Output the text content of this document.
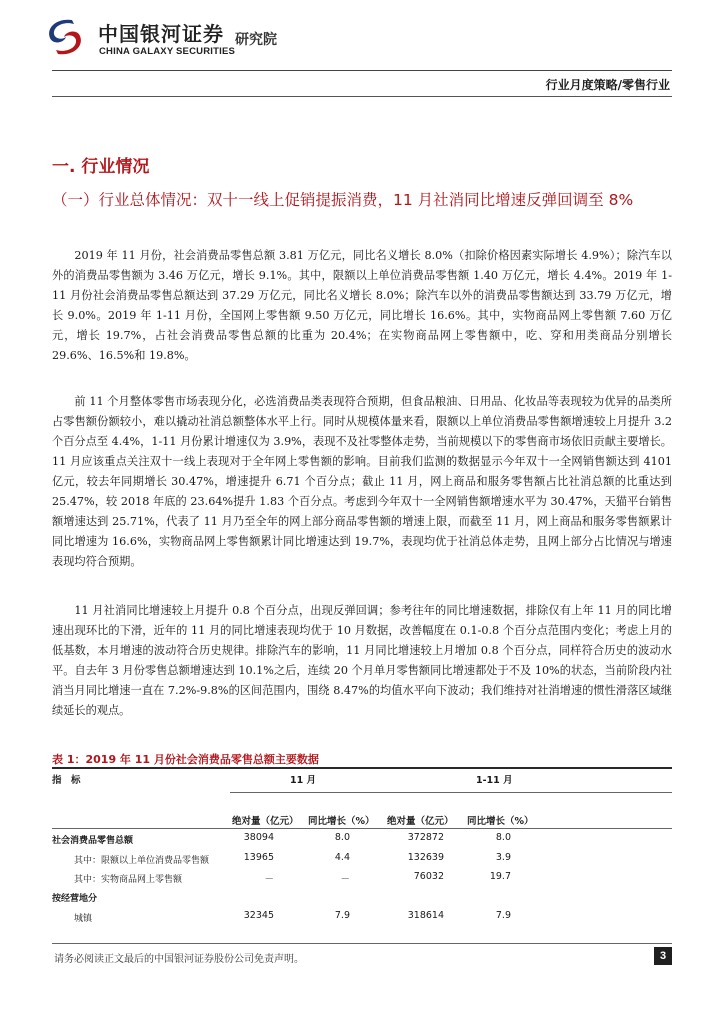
中国银河证券
CHINA GALAXY SECURITIES
研究院
行业月度策略/零售行业
一. 行业情况
（一）行业总体情况：双十一线上促销提振消费，11 月社消同比增速反弹回调至 8%
2019 年 11 月份，社会消费品零售总额 3.81 万亿元，同比名义增长 8.0%（扣除价格因素实际增长 4.9%）；除汽车以外的消费品零售额为 3.46 万亿元，增长 9.1%。其中，限额以上单位消费品零售额 1.40 万亿元，增长 4.4%。2019 年 1-11 月份社会消费品零售总额达到 37.29 万亿元，同比名义增长 8.0%；除汽车以外的消费品零售额达到 33.79 万亿元，增长 9.0%。2019 年 1-11 月份，全国网上零售额 9.50 万亿元，同比增长 16.6%。其中，实物商品网上零售额 7.60 万亿元，增长 19.7%，占社会消费品零售总额的比重为 20.4%；在实物商品网上零售额中，吃、穿和用类商品分别增长 29.6%、16.5%和 19.8%。
前 11 个月整体零售市场表现分化，必选消费品类表现符合预期，但食品粮油、日用品、化妆品等表现较为优异的品类所占零售额份额较小，难以撬动社消总额整体水平上行。同时从规模体量来看，限额以上单位消费品零售额增速较上月提升 3.2 个百分点至 4.4%，1-11 月份累计增速仅为 3.9%，表现不及社零整体走势，当前规模以下的零售商市场依旧贡献主要增长。11 月应该重点关注双十一线上表现对于全年网上零售额的影响。目前我们监测的数据显示今年双十一全网销售额达到 4101 亿元，较去年同期增长 30.47%，增速提升 6.71 个百分点；截止 11 月，网上商品和服务零售额占比社消总额的比重达到 25.47%，较 2018 年底的 23.64%提升 1.83 个百分点。考虑到今年双十一全网销售额增速水平为 30.47%，天猫平台销售额增速达到 25.71%，代表了 11 月乃至全年的网上部分商品零售额的增速上限，而截至 11 月，网上商品和服务零售额累计同比增速为 16.6%，实物商品网上零售额累计同比增速达到 19.7%，表现均优于社消总体走势，且网上部分占比情况与增速表现均符合预期。
11 月社消同比增速较上月提升 0.8 个百分点，出现反弹回调；参考往年的同比增速数据，排除仅有上年 11 月的同比增速出现环比的下滑，近年的 11 月的同比增速表现均优于 10 月数据，改善幅度在 0.1-0.8 个百分点范围内变化；考虑上月的低基数，本月增速的波动符合历史规律。排除汽车的影响，11 月同比增速较上月增加 0.8 个百分点，同样符合历史的波动水平。自去年 3 月份零售总额增速达到 10.1%之后，连续 20 个月单月零售额同比增速都处于不及 10%的状态，当前阶段内社消当月同比增速一直在 7.2%-9.8%的区间范围内，围绕 8.47%的均值水平向下波动；我们维持对社消增速的惯性滑落区域继续延长的观点。
表 1：2019 年 11 月份社会消费品零售总额主要数据
指　标	11 月	1-11 月
绝对量（亿元） 同比增长（%） 绝对量（亿元） 同比增长（%）
社会消费品零售总额	38094	8.0	372872	8.0
其中：限额以上单位消费品零售额	13965	4.4	132639	3.9
其中：实物商品网上零售额	－	－	76032	19.7
按经营地分
城镇	32345	7.9	318614	7.9
请务必阅读正文最后的中国银河证券股份公司免责声明。	3
